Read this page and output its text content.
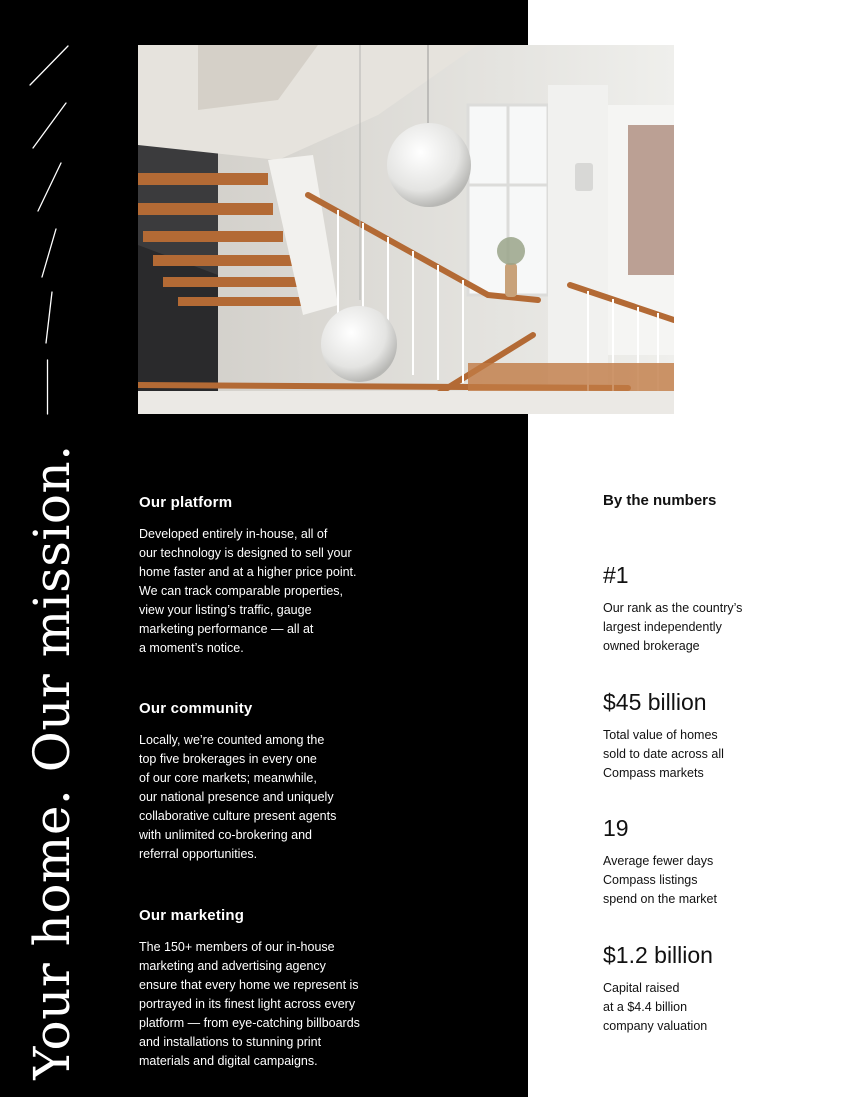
Your home. Our mission.	Our platform

Developed entirely in-house, all of
our technology is designed to sell your
home faster and at a higher price point.
We can track comparable properties,
view your listing’s traffic, gauge
marketing performance — all at
a moment’s notice.

Our community

Locally, we’re counted among the
top five brokerages in every one
of our core markets; meanwhile,
our national presence and uniquely
collaborative culture present agents
with unlimited co-brokering and
referral opportunities.

Our marketing

The 150+ members of our in-house
marketing and advertising agency
ensure that every home we represent is
portrayed in its finest light across every
platform — from eye-catching billboards
and installations to stunning print
materials and digital campaigns.

By the numbers

#1

Our rank as the country’s
largest independently
owned brokerage

$45 billion

Total value of homes
sold to date across all
Compass markets

19

Average fewer days
Compass listings
spend on the market

$1.2 billion

Capital raised
at a $4.4 billion
company valuation
